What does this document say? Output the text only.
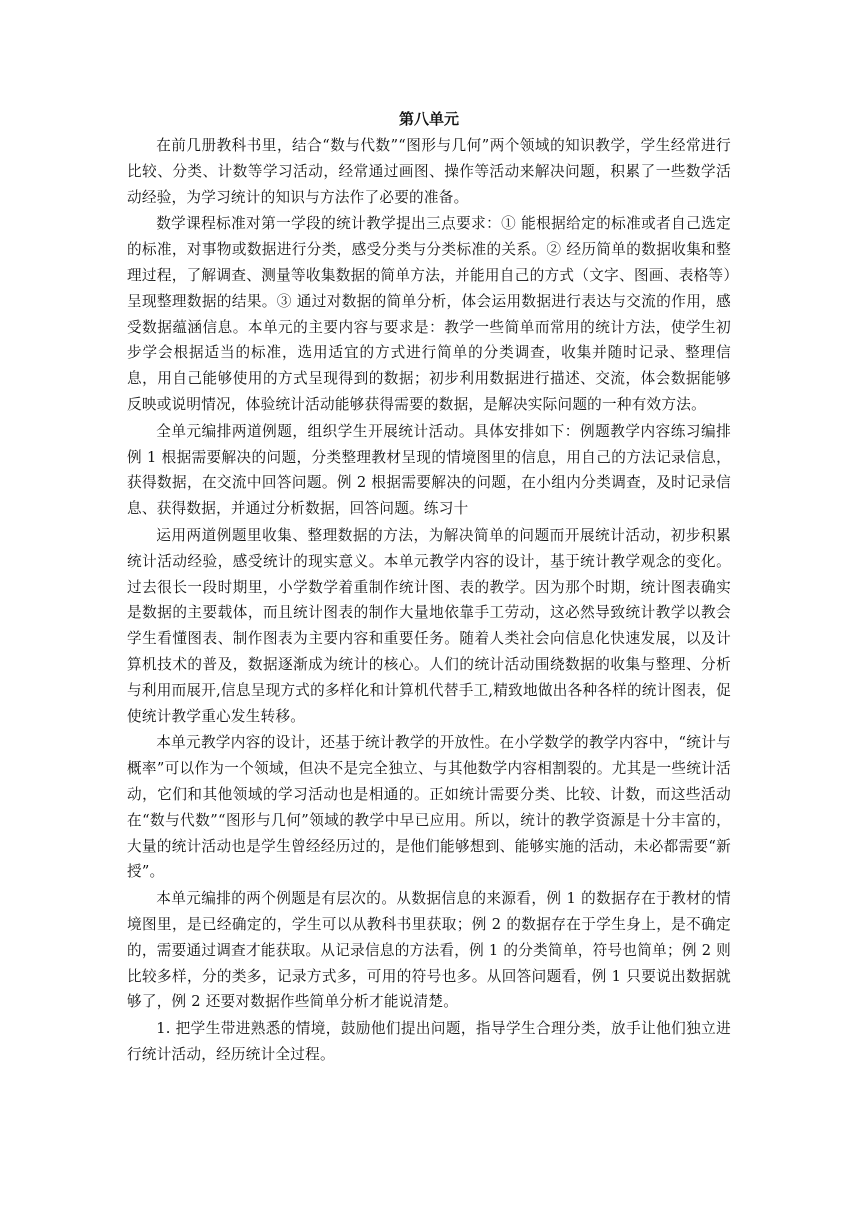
第八单元

在前几册教科书里，结合“数与代数”“图形与几何”两个领域的知识教学，学生经常进行比较、分类、计数等学习活动，经常通过画图、操作等活动来解决问题，积累了一些数学活动经验，为学习统计的知识与方法作了必要的准备。

数学课程标准对第一学段的统计教学提出三点要求：① 能根据给定的标准或者自己选定的标准，对事物或数据进行分类，感受分类与分类标准的关系。② 经历简单的数据收集和整理过程，了解调查、测量等收集数据的简单方法，并能用自己的方式（文字、图画、表格等）呈现整理数据的结果。③ 通过对数据的简单分析，体会运用数据进行表达与交流的作用，感受数据蕴涵信息。本单元的主要内容与要求是：教学一些简单而常用的统计方法，使学生初步学会根据适当的标准，选用适宜的方式进行简单的分类调查，收集并随时记录、整理信息，用自己能够使用的方式呈现得到的数据；初步利用数据进行描述、交流，体会数据能够反映或说明情况，体验统计活动能够获得需要的数据，是解决实际问题的一种有效方法。

全单元编排两道例题，组织学生开展统计活动。具体安排如下：例题教学内容练习编排例 1 根据需要解决的问题，分类整理教材呈现的情境图里的信息，用自己的方法记录信息，获得数据，在交流中回答问题。例 2 根据需要解决的问题，在小组内分类调查，及时记录信息、获得数据，并通过分析数据，回答问题。练习十

运用两道例题里收集、整理数据的方法，为解决简单的问题而开展统计活动，初步积累统计活动经验，感受统计的现实意义。本单元教学内容的设计，基于统计教学观念的变化。过去很长一段时期里，小学数学着重制作统计图、表的教学。因为那个时期，统计图表确实是数据的主要载体，而且统计图表的制作大量地依靠手工劳动，这必然导致统计教学以教会学生看懂图表、制作图表为主要内容和重要任务。随着人类社会向信息化快速发展，以及计算机技术的普及，数据逐渐成为统计的核心。人们的统计活动围绕数据的收集与整理、分析与利用而展开,信息呈现方式的多样化和计算机代替手工,精致地做出各种各样的统计图表，促使统计教学重心发生转移。

本单元教学内容的设计，还基于统计教学的开放性。在小学数学的教学内容中，“统计与概率”可以作为一个领域，但决不是完全独立、与其他数学内容相割裂的。尤其是一些统计活动，它们和其他领域的学习活动也是相通的。正如统计需要分类、比较、计数，而这些活动在“数与代数”“图形与几何”领域的教学中早已应用。所以，统计的教学资源是十分丰富的，大量的统计活动也是学生曾经经历过的，是他们能够想到、能够实施的活动，未必都需要“新授”。

本单元编排的两个例题是有层次的。从数据信息的来源看，例 1 的数据存在于教材的情境图里，是已经确定的，学生可以从教科书里获取；例 2 的数据存在于学生身上，是不确定的，需要通过调查才能获取。从记录信息的方法看，例 1 的分类简单，符号也简单；例 2 则比较多样，分的类多，记录方式多，可用的符号也多。从回答问题看，例 1 只要说出数据就够了，例 2 还要对数据作些简单分析才能说清楚。

1. 把学生带进熟悉的情境，鼓励他们提出问题，指导学生合理分类，放手让他们独立进行统计活动，经历统计全过程。
